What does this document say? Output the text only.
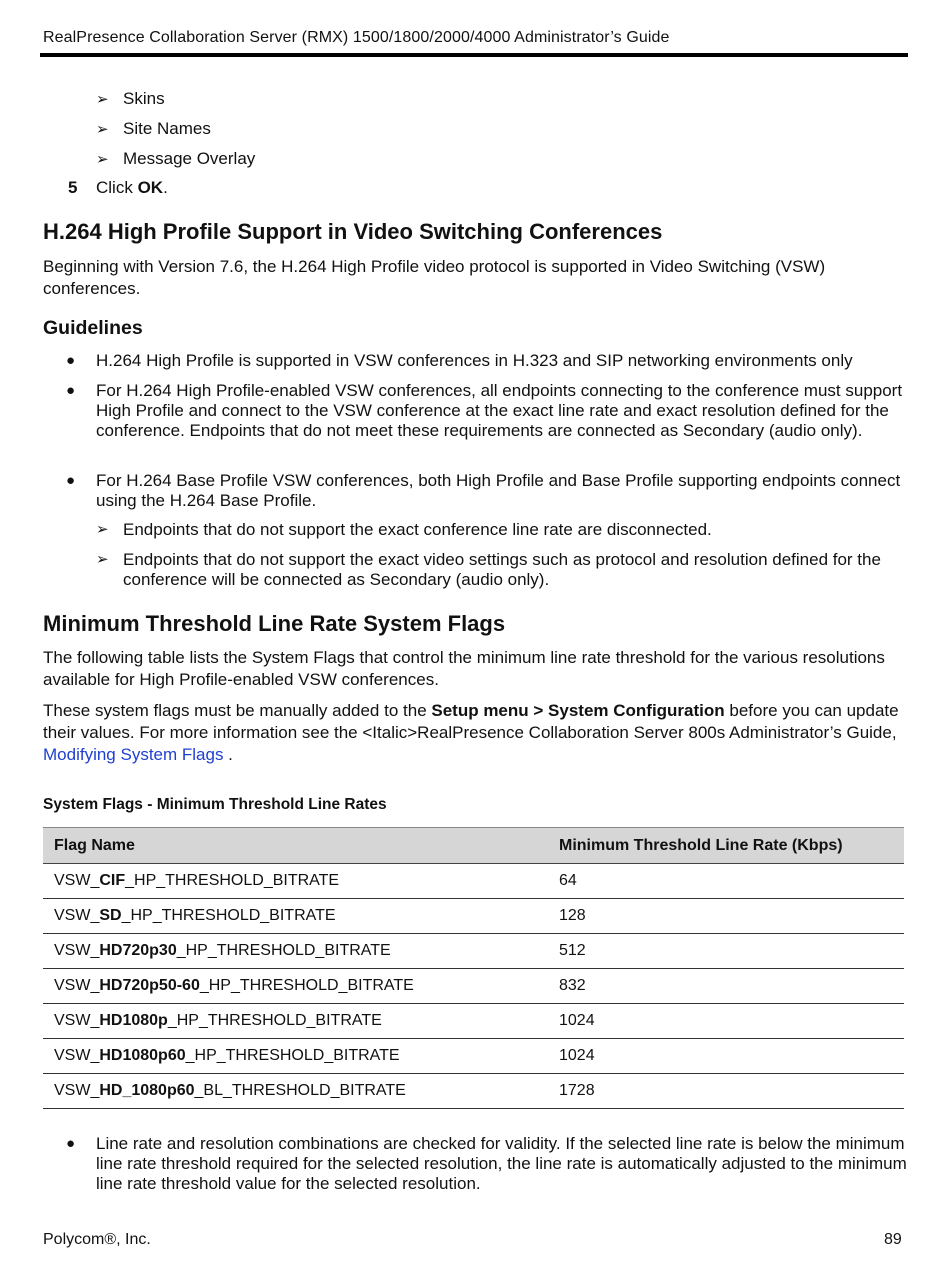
RealPresence Collaboration Server (RMX) 1500/1800/2000/4000 Administrator’s Guide
➢ Skins
➢ Site Names
➢ Message Overlay
5 Click OK.
H.264 High Profile Support in Video Switching Conferences

Beginning with Version 7.6, the H.264 High Profile video protocol is supported in Video Switching (VSW) conferences.

Guidelines
● H.264 High Profile is supported in VSW conferences in H.323 and SIP networking environments only
● For H.264 High Profile-enabled VSW conferences, all endpoints connecting to the conference must support High Profile and connect to the VSW conference at the exact line rate and exact resolution defined for the conference. Endpoints that do not meet these requirements are connected as Secondary (audio only).
● For H.264 Base Profile VSW conferences, both High Profile and Base Profile supporting endpoints connect using the H.264 Base Profile.
➢ Endpoints that do not support the exact conference line rate are disconnected.
➢ Endpoints that do not support the exact video settings such as protocol and resolution defined for the conference will be connected as Secondary (audio only).
Minimum Threshold Line Rate System Flags

The following table lists the System Flags that control the minimum line rate threshold for the various resolutions available for High Profile-enabled VSW conferences.

These system flags must be manually added to the Setup menu > System Configuration before you can update their values. For more information see the <Italic>RealPresence Collaboration Server 800s Administrator’s Guide, Modifying System Flags .

System Flags - Minimum Threshold Line Rates
Flag Name	Minimum Threshold Line Rate (Kbps)
VSW_CIF_HP_THRESHOLD_BITRATE	64
VSW_SD_HP_THRESHOLD_BITRATE	128
VSW_HD720p30_HP_THRESHOLD_BITRATE	512
VSW_HD720p50-60_HP_THRESHOLD_BITRATE	832
VSW_HD1080p_HP_THRESHOLD_BITRATE	1024
VSW_HD1080p60_HP_THRESHOLD_BITRATE	1024
VSW_HD_1080p60_BL_THRESHOLD_BITRATE	1728
● Line rate and resolution combinations are checked for validity. If the selected line rate is below the minimum line rate threshold required for the selected resolution, the line rate is automatically adjusted to the minimum line rate threshold value for the selected resolution.
Polycom®, Inc.	89
